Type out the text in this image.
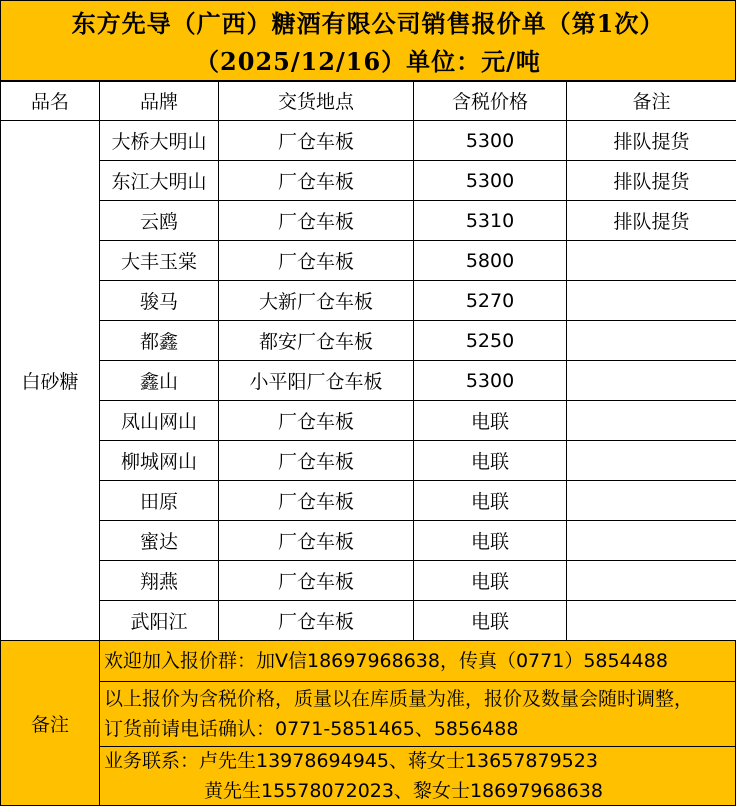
东方先导（广西）糖酒有限公司销售报价单（第1次）
（2025/12/16）单位：元/吨
品名	品牌	交货地点	含税价格	备注
白砂糖	大桥大明山	厂仓车板	5300	排队提货
	东江大明山	厂仓车板	5300	排队提货
	云鸥	厂仓车板	5310	排队提货
	大丰玉棠	厂仓车板	5800	
	骏马	大新厂仓车板	5270	
	都鑫	都安厂仓车板	5250	
	鑫山	小平阳厂仓车板	5300	
	凤山网山	厂仓车板	电联	
	柳城网山	厂仓车板	电联	
	田原	厂仓车板	电联	
	蜜达	厂仓车板	电联	
	翔燕	厂仓车板	电联	
	武阳江	厂仓车板	电联	
备注
欢迎加入报价群：加V信18697968638，传真（0771）5854488
以上报价为含税价格，质量以在库质量为准，报价及数量会随时调整，
订货前请电话确认：0771-5851465、5856488
业务联系：卢先生13978694945、蒋女士13657879523
黄先生15578072023、黎女士18697968638
